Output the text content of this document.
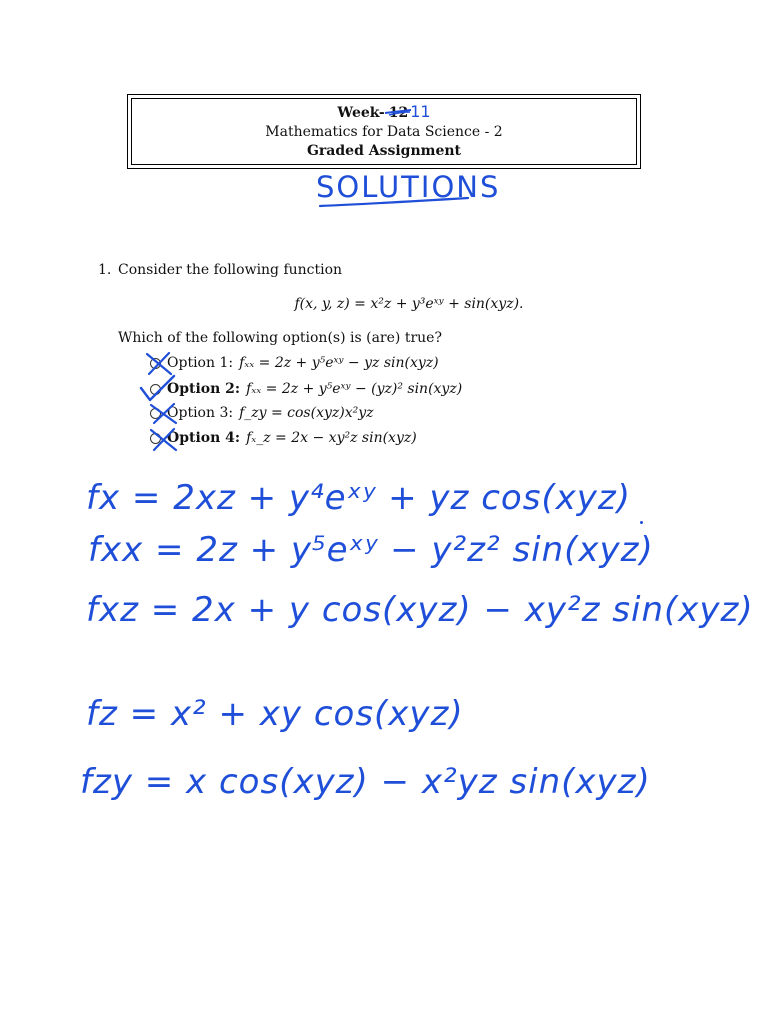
Week- 12 11
Mathematics for Data Science - 2
Graded Assignment
SOLUTIONS
1. Consider the following function
f(x, y, z) = x²z + y³eˣʸ + sin(xyz).
Which of the following option(s) is (are) true?
Option 1: fₓₓ = 2z + y⁵eˣʸ − yz sin(xyz)
Option 2: fₓₓ = 2z + y⁵eˣʸ − (yz)² sin(xyz)
Option 3: f_zy = cos(xyz)x²yz
Option 4: fₓ_z = 2x − xy²z sin(xyz)
fx = 2xz + y⁴eˣʸ + yz cos(xyz)
fxx = 2z + y⁵eˣʸ − y²z² sin(xyz)
fxz = 2x + y cos(xyz) − xy²z sin(xyz)
fz = x² + xy cos(xyz)
fzy = x cos(xyz) − x²yz sin(xyz)
